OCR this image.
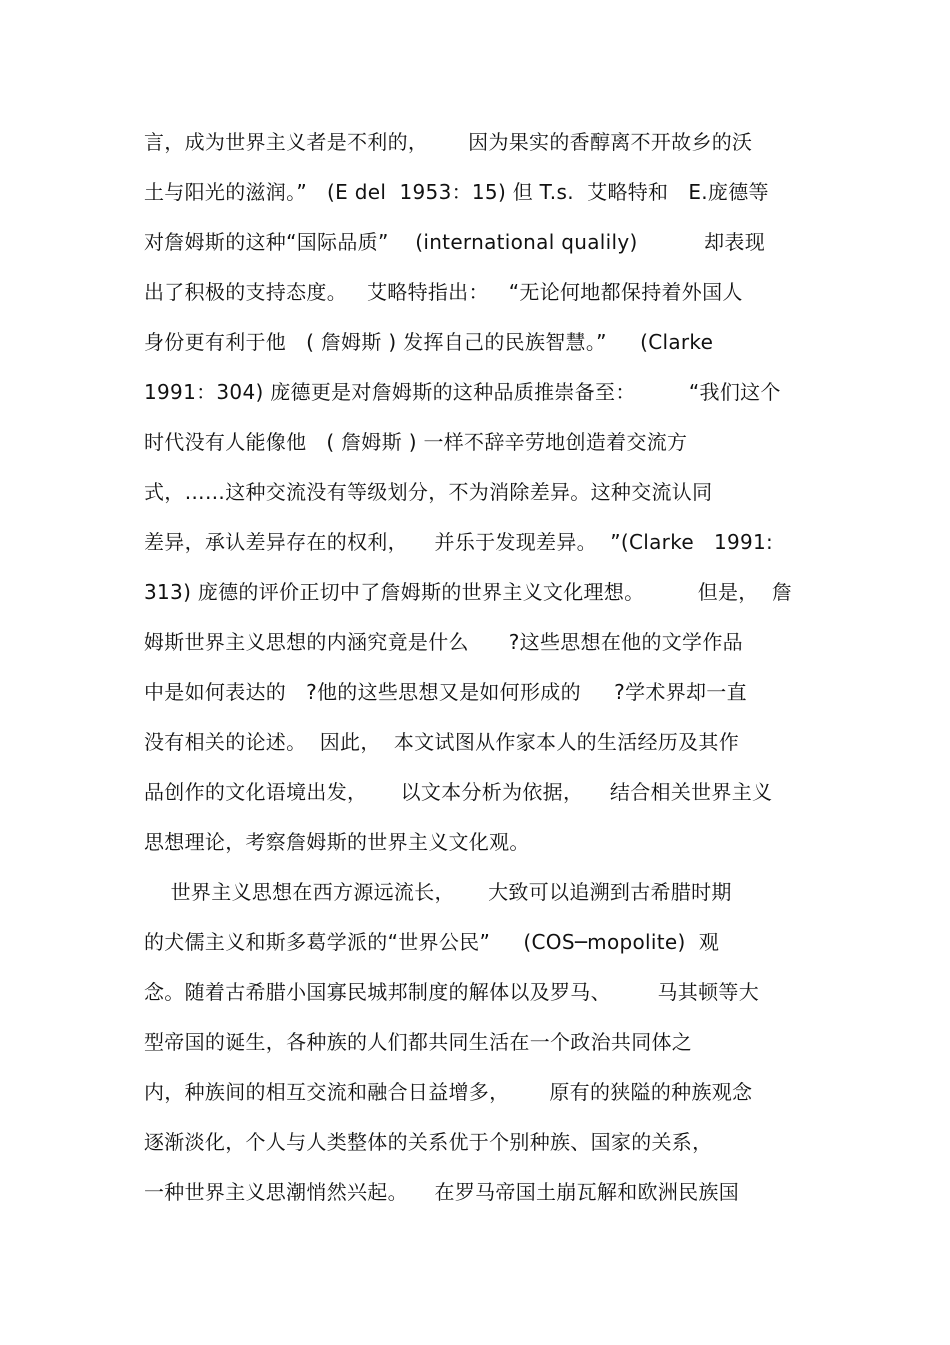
言，成为世界主义者是不利的，      因为果实的香醇离不开故乡的沃
土与阳光的滋润。”   (E del  1953：15) 但 T.s.  艾略特和   E.庞德等
对詹姆斯的这种“国际品质”    (international qualily)          却表现
出了积极的支持态度。   艾略特指出：   “无论何地都保持着外国人
身份更有利于他   ( 詹姆斯 ) 发挥自己的民族智慧。”     (Clarke
1991：304) 庞德更是对詹姆斯的这种品质推崇备至：        “我们这个
时代没有人能像他   ( 詹姆斯 ) 一样不辞辛劳地创造着交流方
式，……这种交流没有等级划分，不为消除差异。这种交流认同
差异，承认差异存在的权利，    并乐于发现差异。  ”(Clarke   1991:
313) 庞德的评价正切中了詹姆斯的世界主义文化理想。        但是，  詹
姆斯世界主义思想的内涵究竟是什么      ?这些思想在他的文学作品
中是如何表达的   ?他的这些思想又是如何形成的     ?学术界却一直
没有相关的论述。  因此，  本文试图从作家本人的生活经历及其作
品创作的文化语境出发，     以文本分析为依据，    结合相关世界主义
思想理论，考察詹姆斯的世界主义文化观。
世界主义思想在西方源远流长，     大致可以追溯到古希腊时期
的犬儒主义和斯多葛学派的“世界公民”     (COS─mopolite)  观
念。随着古希腊小国寡民城邦制度的解体以及罗马、       马其顿等大
型帝国的诞生，各种族的人们都共同生活在一个政治共同体之
内，种族间的相互交流和融合日益增多，      原有的狭隘的种族观念
逐渐淡化，个人与人类整体的关系优于个别种族、国家的关系，
一种世界主义思潮悄然兴起。    在罗马帝国土崩瓦解和欧洲民族国
